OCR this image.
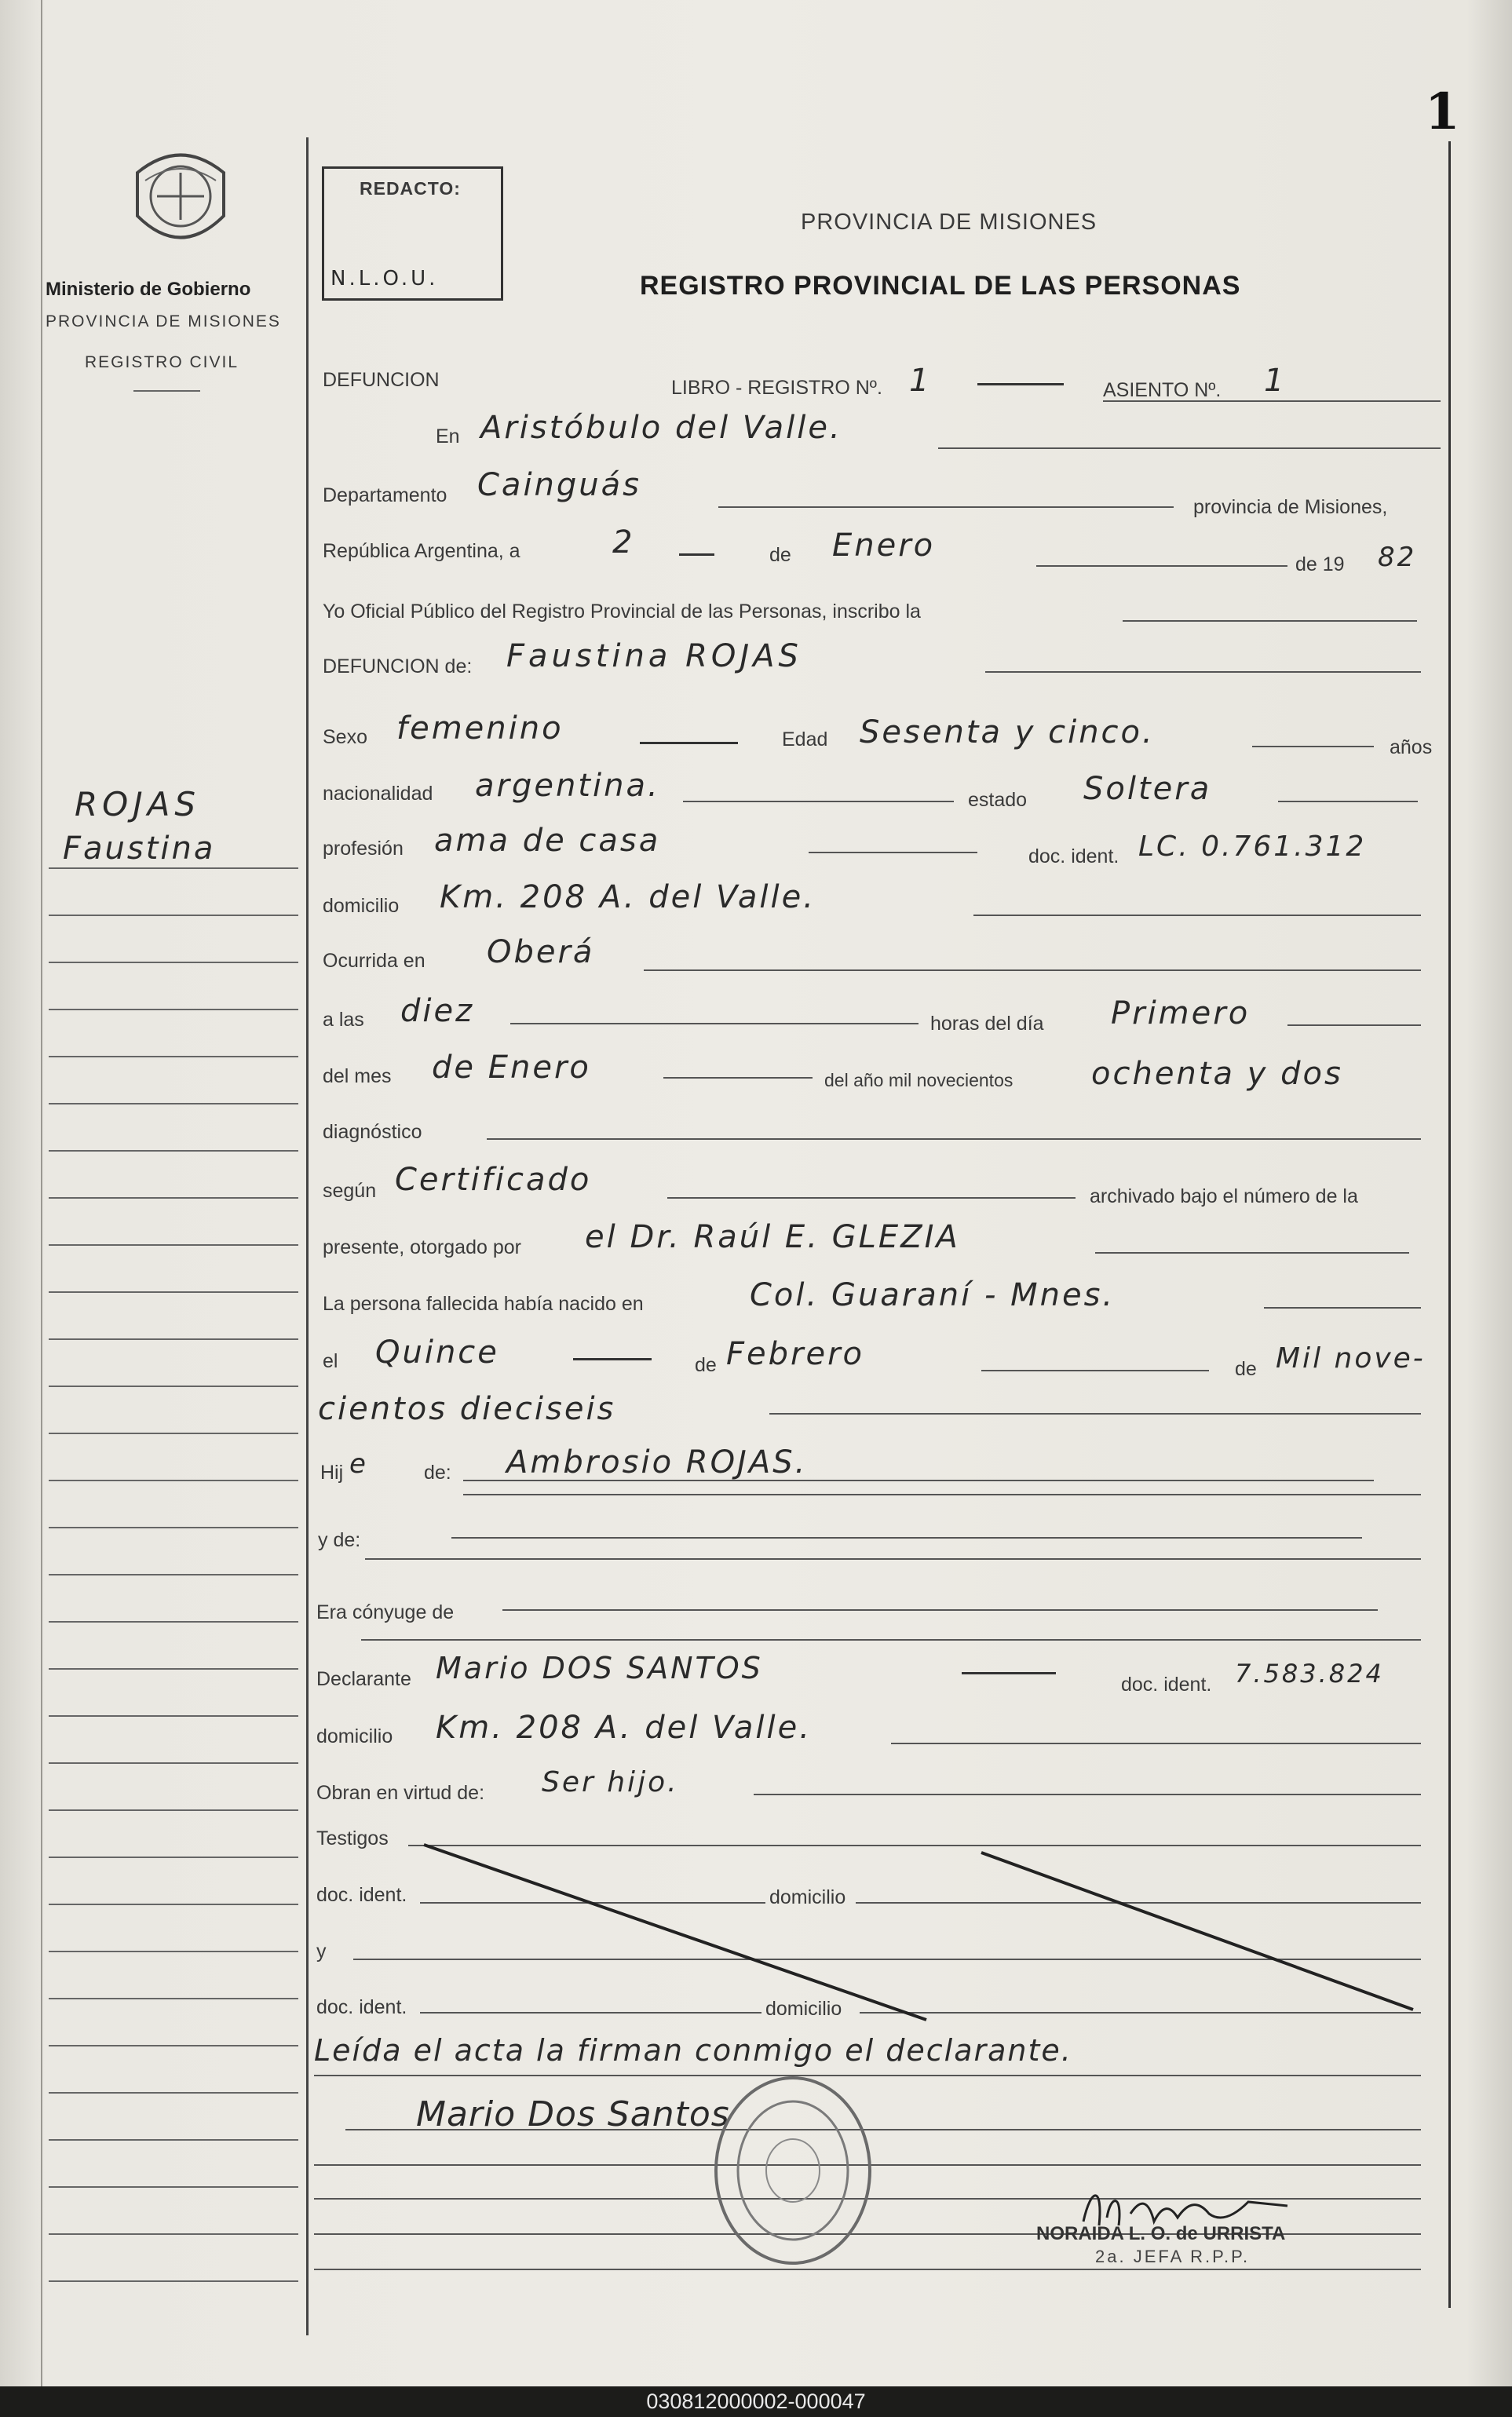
1
Ministerio de Gobierno
PROVINCIA DE MISIONES
REGISTRO CIVIL
ROJAS
Faustina
REDACTO:
N.L.O.U.
PROVINCIA DE MISIONES
REGISTRO PROVINCIAL DE LAS PERSONAS
DEFUNCION	LIBRO - REGISTRO Nº. 1	ASIENTO Nº. 1
En Aristóbulo del Valle.
Departamento Cainguás
provincia de Misiones,
República Argentina, a	2	de Enero
de 19 82
Yo Oficial Público del Registro Provincial de las Personas, inscribo la
DEFUNCION de: Faustina ROJAS
Sexo femenino	Edad Sesenta y cinco.	años
nacionalidad argentina.	estado Soltera
profesión ama de casa	doc. ident. LC. 0.761.312
domicilio Km. 208 A. del Valle.
Ocurrida en Oberá
a las diez	horas del día Primero
del mes de Enero	del año mil novecientos ochenta y dos
diagnóstico
según Certificado	archivado bajo el número de la
presente, otorgado por el Dr. Raúl E. GLEZIA
La persona fallecida había nacido en	Col. Guaraní - Mnes.
el Quince	de Febrero	de Mil nove-
cientos dieciseis
Hij e	de: Ambrosio ROJAS.
y de:
Era cónyuge de
Declarante Mario DOS SANTOS	doc. ident. 7.583.824
domicilio Km. 208 A. del Valle.
Obran en virtud de: Ser hijo.
Testigos
doc. ident.	domicilio
y
doc. ident.	domicilio
Leída el acta la firman conmigo el declarante.
Mario Dos Santos
NORAIDA L. O. de URRISTA
2a. JEFA R.P.P.
030812000002-000047
